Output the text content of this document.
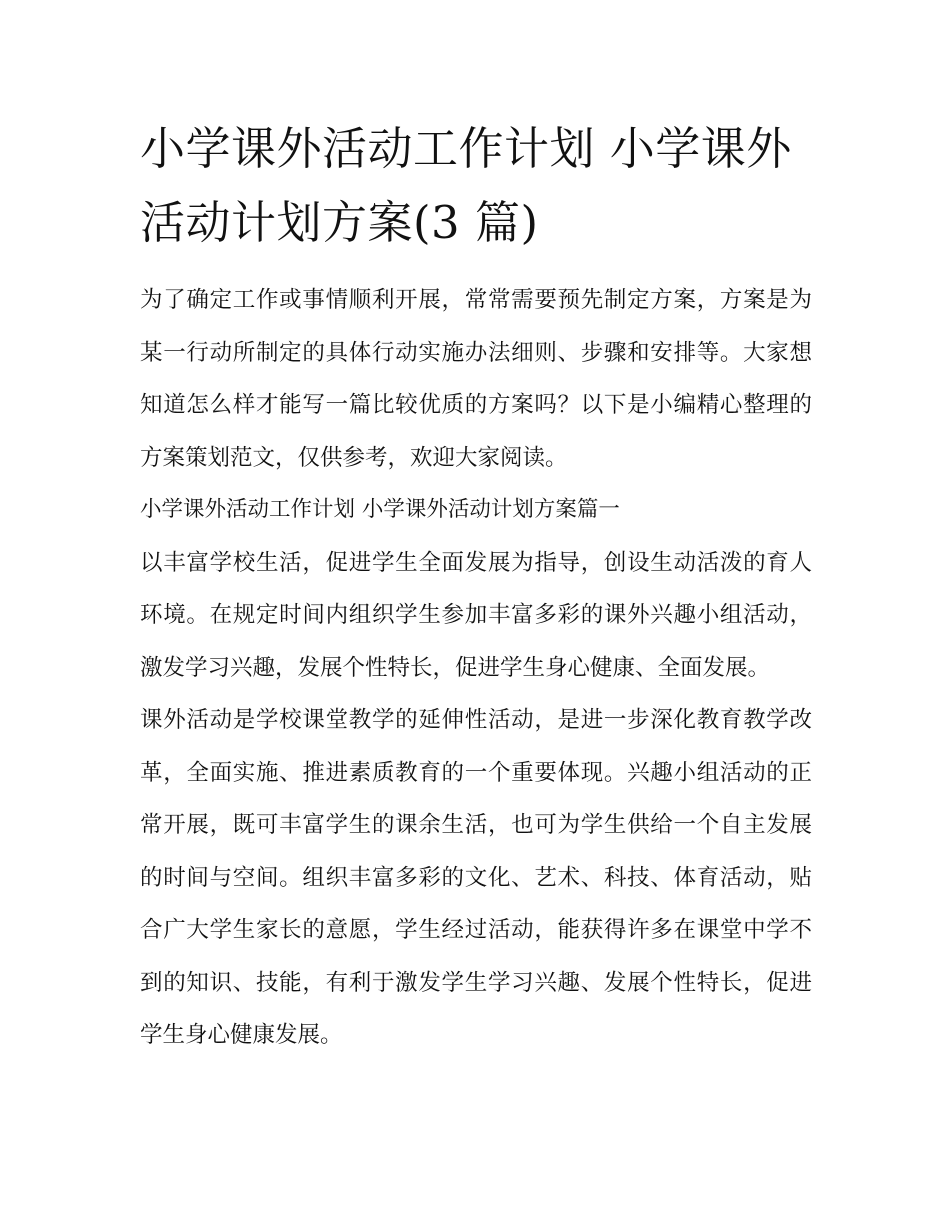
小学课外活动工作计划 小学课外活动计划方案(3 篇)

为了确定工作或事情顺利开展，常常需要预先制定方案，方案是为某一行动所制定的具体行动实施办法细则、步骤和安排等。大家想知道怎么样才能写一篇比较优质的方案吗？以下是小编精心整理的方案策划范文，仅供参考，欢迎大家阅读。

小学课外活动工作计划 小学课外活动计划方案篇一

以丰富学校生活，促进学生全面发展为指导，创设生动活泼的育人环境。在规定时间内组织学生参加丰富多彩的课外兴趣小组活动，激发学习兴趣，发展个性特长，促进学生身心健康、全面发展。

课外活动是学校课堂教学的延伸性活动，是进一步深化教育教学改革，全面实施、推进素质教育的一个重要体现。兴趣小组活动的正常开展，既可丰富学生的课余生活，也可为学生供给一个自主发展的时间与空间。组织丰富多彩的文化、艺术、科技、体育活动，贴合广大学生家长的意愿，学生经过活动，能获得许多在课堂中学不到的知识、技能，有利于激发学生学习兴趣、发展个性特长，促进学生身心健康发展。
